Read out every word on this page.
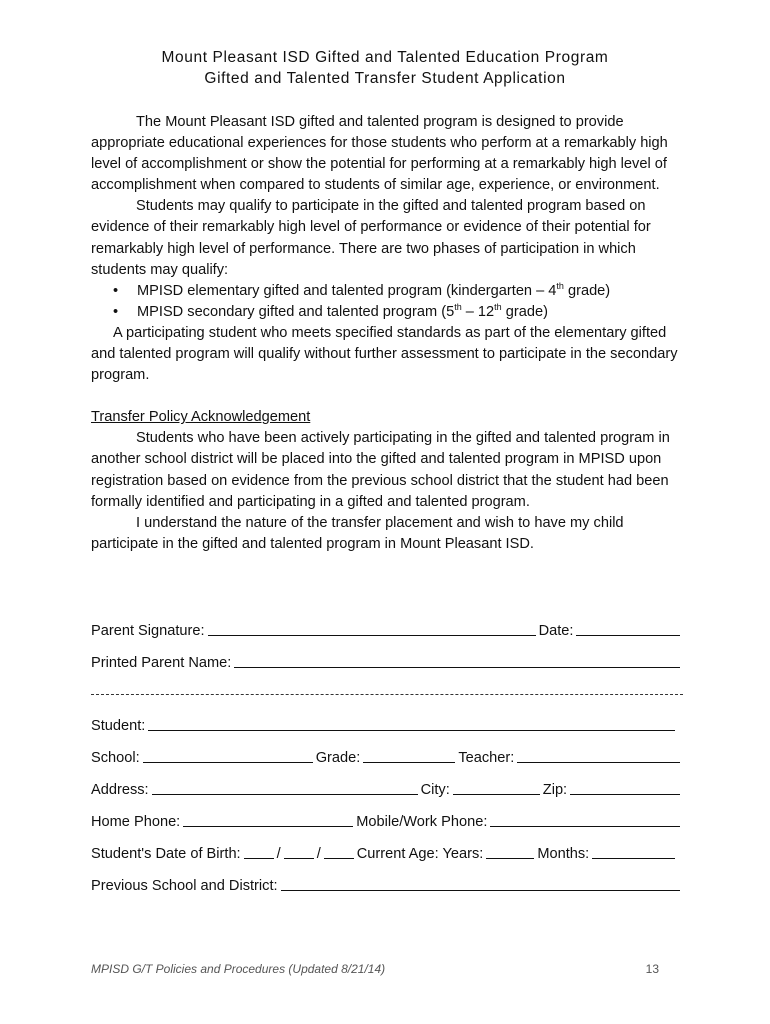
Mount Pleasant ISD Gifted and Talented Education Program
Gifted and Talented Transfer Student Application

The Mount Pleasant ISD gifted and talented program is designed to provide appropriate educational experiences for those students who perform at a remarkably high level of accomplishment or show the potential for performing at a remarkably high level of accomplishment when compared to students of similar age, experience, or environment.

Students may qualify to participate in the gifted and talented program based on evidence of their remarkably high level of performance or evidence of their potential for remarkably high level of performance. There are two phases of participation in which students may qualify:

• MPISD elementary gifted and talented program (kindergarten – 4th grade)
• MPISD secondary gifted and talented program (5th – 12th grade)

A participating student who meets specified standards as part of the elementary gifted and talented program will qualify without further assessment to participate in the secondary program.

Transfer Policy Acknowledgement

Students who have been actively participating in the gifted and talented program in another school district will be placed into the gifted and talented program in MPISD upon registration based on evidence from the previous school district that the student had been formally identified and participating in a gifted and talented program.

I understand the nature of the transfer placement and wish to have my child participate in the gifted and talented program in Mount Pleasant ISD.

Parent Signature:	Date:
Printed Parent Name:
Student:
School:	Grade:	Teacher:
Address:	City:	Zip:
Home Phone:	Mobile/Work Phone:
Student's Date of Birth: / / Current Age: Years:	Months:
Previous School and District:
MPISD G/T Policies and Procedures (Updated 8/21/14)	13
